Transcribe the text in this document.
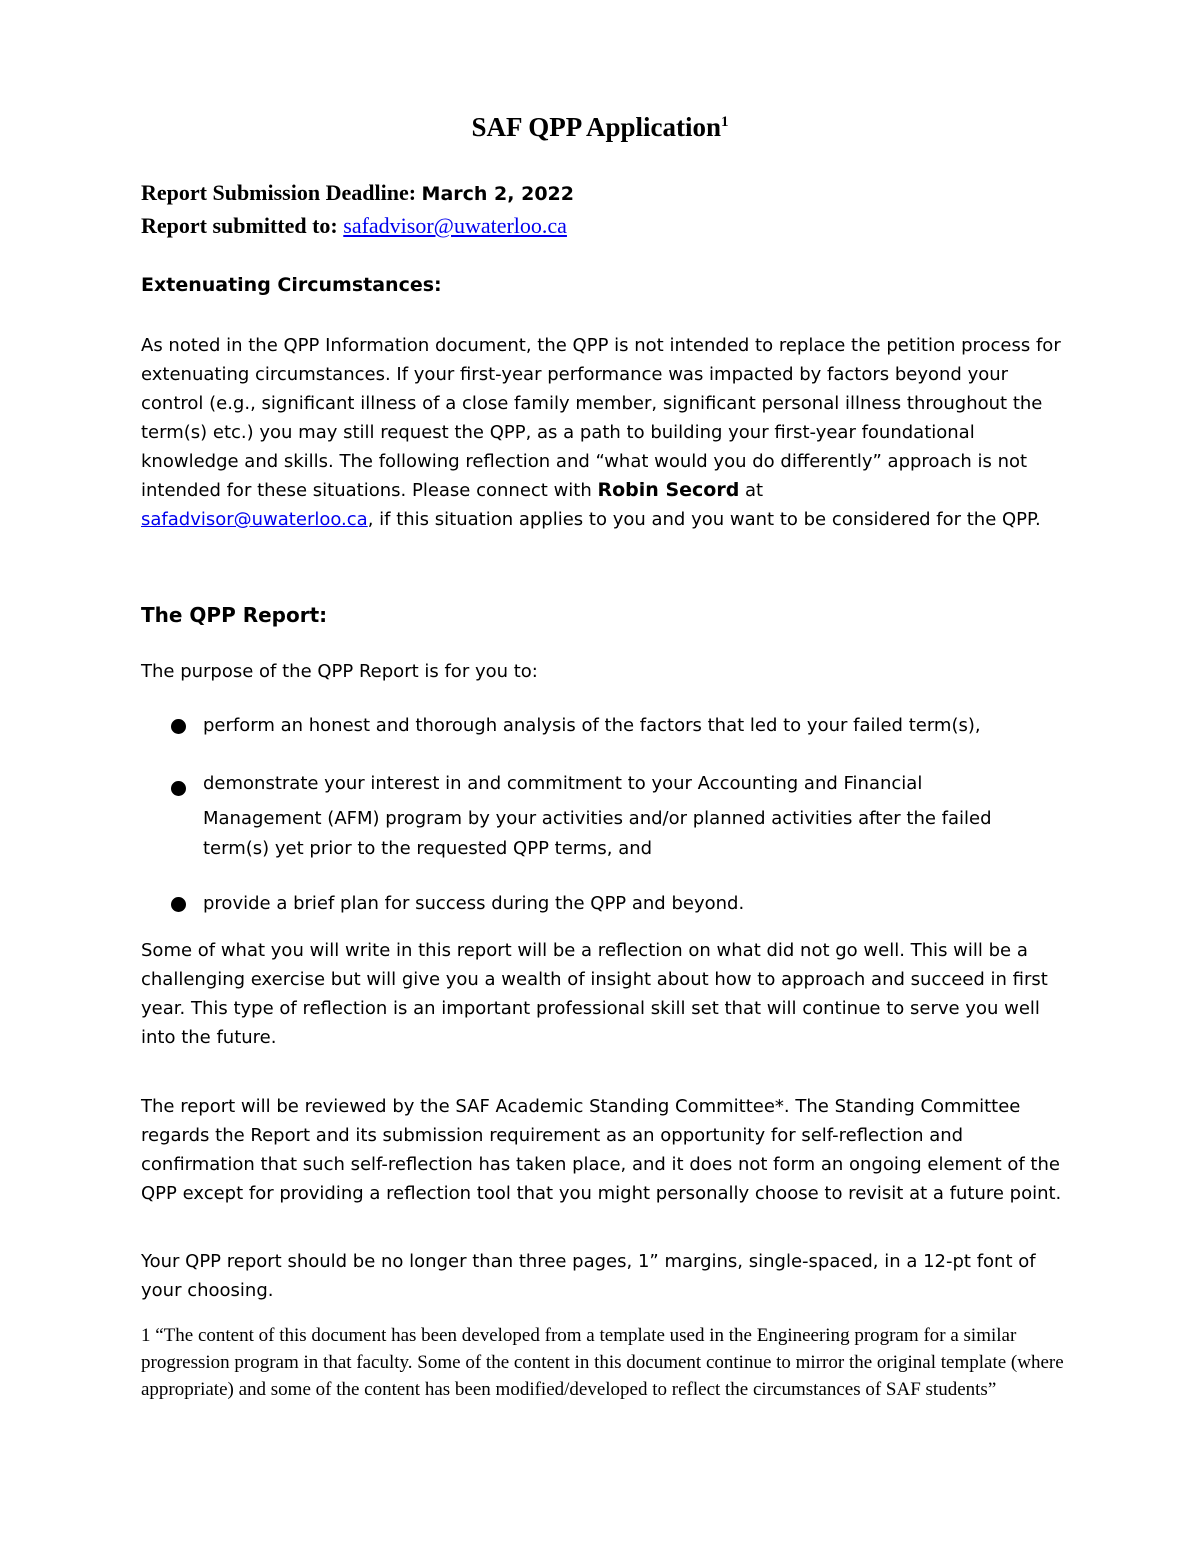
SAF QPP Application$^1$
Report Submission Deadline: March 2, 2022
Report submitted to: safadvisor@uwaterloo.ca
Extenuating Circumstances:
As noted in the QPP Information document, the QPP is not intended to replace the petition process for extenuating circumstances. If your first-year performance was impacted by factors beyond your control (e.g., significant illness of a close family member, significant personal illness throughout the term(s) etc.) you may still request the QPP, as a path to building your first-year foundational knowledge and skills. The following reflection and “what would you do differently” approach is not intended for these situations. Please connect with Robin Secord at
safadvisor@uwaterloo.ca, if this situation applies to you and you want to be considered for the QPP.
The QPP Report:
The purpose of the QPP Report is for you to:
perform an honest and thorough analysis of the factors that led to your failed term(s),
demonstrate your interest in and commitment to your Accounting and Financial
Management (AFM) program by your activities and/or planned activities after the failed term(s) yet prior to the requested QPP terms, and
provide a brief plan for success during the QPP and beyond.
Some of what you will write in this report will be a reflection on what did not go well. This will be a challenging exercise but will give you a wealth of insight about how to approach and succeed in first year. This type of reflection is an important professional skill set that will continue to serve you well into the future.
The report will be reviewed by the SAF Academic Standing Committee*. The Standing Committee regards the Report and its submission requirement as an opportunity for self-reflection and confirmation that such self-reflection has taken place, and it does not form an ongoing element of the QPP except for providing a reflection tool that you might personally choose to revisit at a future point.
Your QPP report should be no longer than three pages, 1” margins, single-spaced, in a 12-pt font of your choosing.
1 “The content of this document has been developed from a template used in the Engineering program for a similar progression program in that faculty. Some of the content in this document continue to mirror the original template (where appropriate) and some of the content has been modified/developed to reflect the circumstances of SAF students”
